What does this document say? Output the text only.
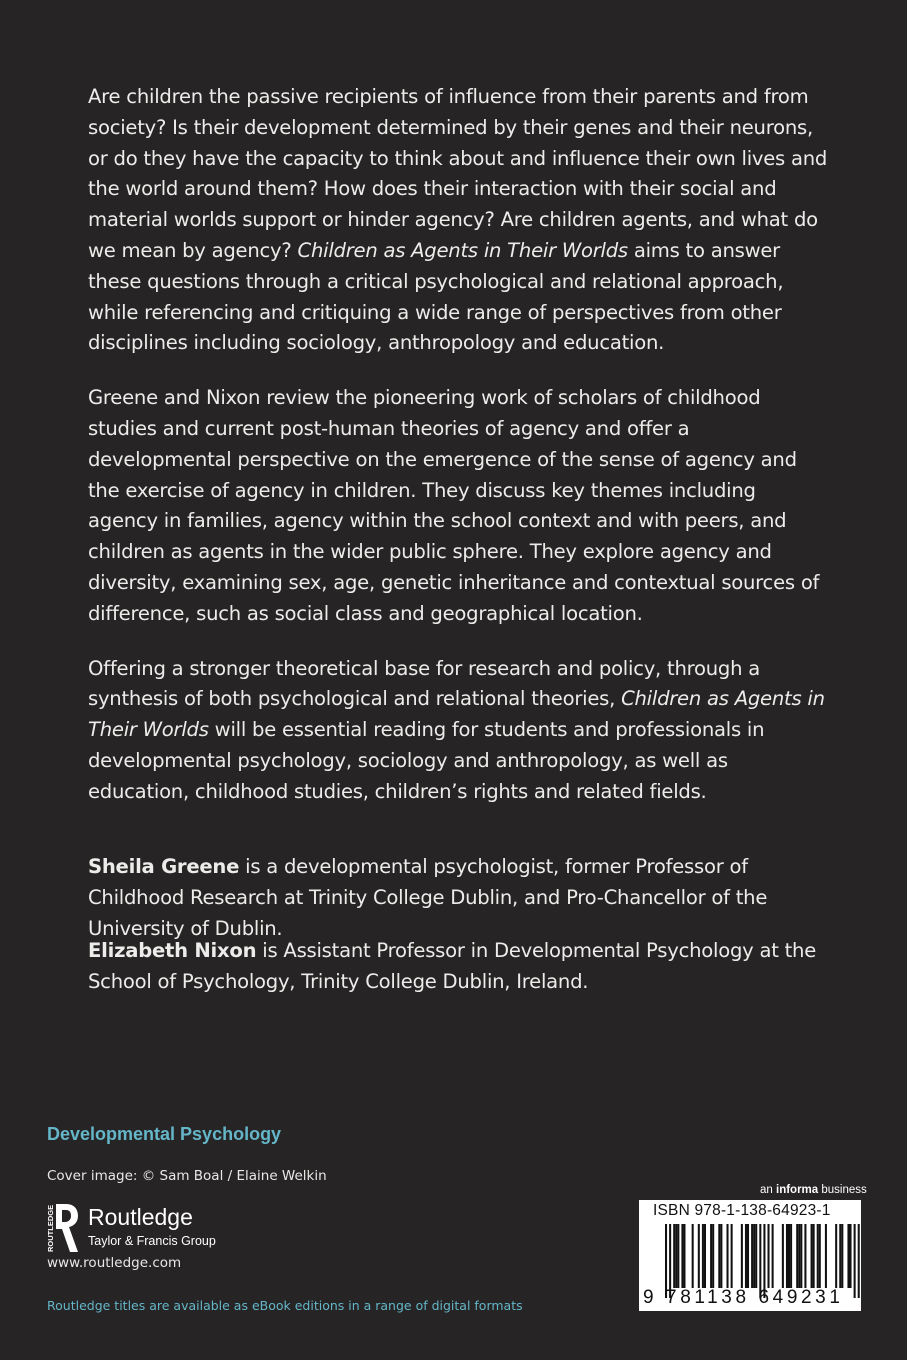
Are children the passive recipients of influence from their parents and from society? Is their development determined by their genes and their neurons, or do they have the capacity to think about and influence their own lives and the world around them? How does their interaction with their social and material worlds support or hinder agency? Are children agents, and what do we mean by agency? Children as Agents in Their Worlds aims to answer these questions through a critical psychological and relational approach, while referencing and critiquing a wide range of perspectives from other disciplines including sociology, anthropology and education.

Greene and Nixon review the pioneering work of scholars of childhood studies and current post-human theories of agency and offer a developmental perspective on the emergence of the sense of agency and the exercise of agency in children. They discuss key themes including agency in families, agency within the school context and with peers, and children as agents in the wider public sphere. They explore agency and diversity, examining sex, age, genetic inheritance and contextual sources of difference, such as social class and geographical location.

Offering a stronger theoretical base for research and policy, through a synthesis of both psychological and relational theories, Children as Agents in Their Worlds will be essential reading for students and professionals in developmental psychology, sociology and anthropology, as well as education, childhood studies, children’s rights and related fields.

Sheila Greene is a developmental psychologist, former Professor of Childhood Research at Trinity College Dublin, and Pro-Chancellor of the University of Dublin.
Elizabeth Nixon is Assistant Professor in Developmental Psychology at the School of Psychology, Trinity College Dublin, Ireland.
Developmental Psychology
Cover image: © Sam Boal / Elaine Welkin
ROUTLEDGE Routledge
Taylor & Francis Group
www.routledge.com
Routledge titles are available as eBook editions in a range of digital formats
an informa business
ISBN 978-1-138-64923-1
9 781138 649231
